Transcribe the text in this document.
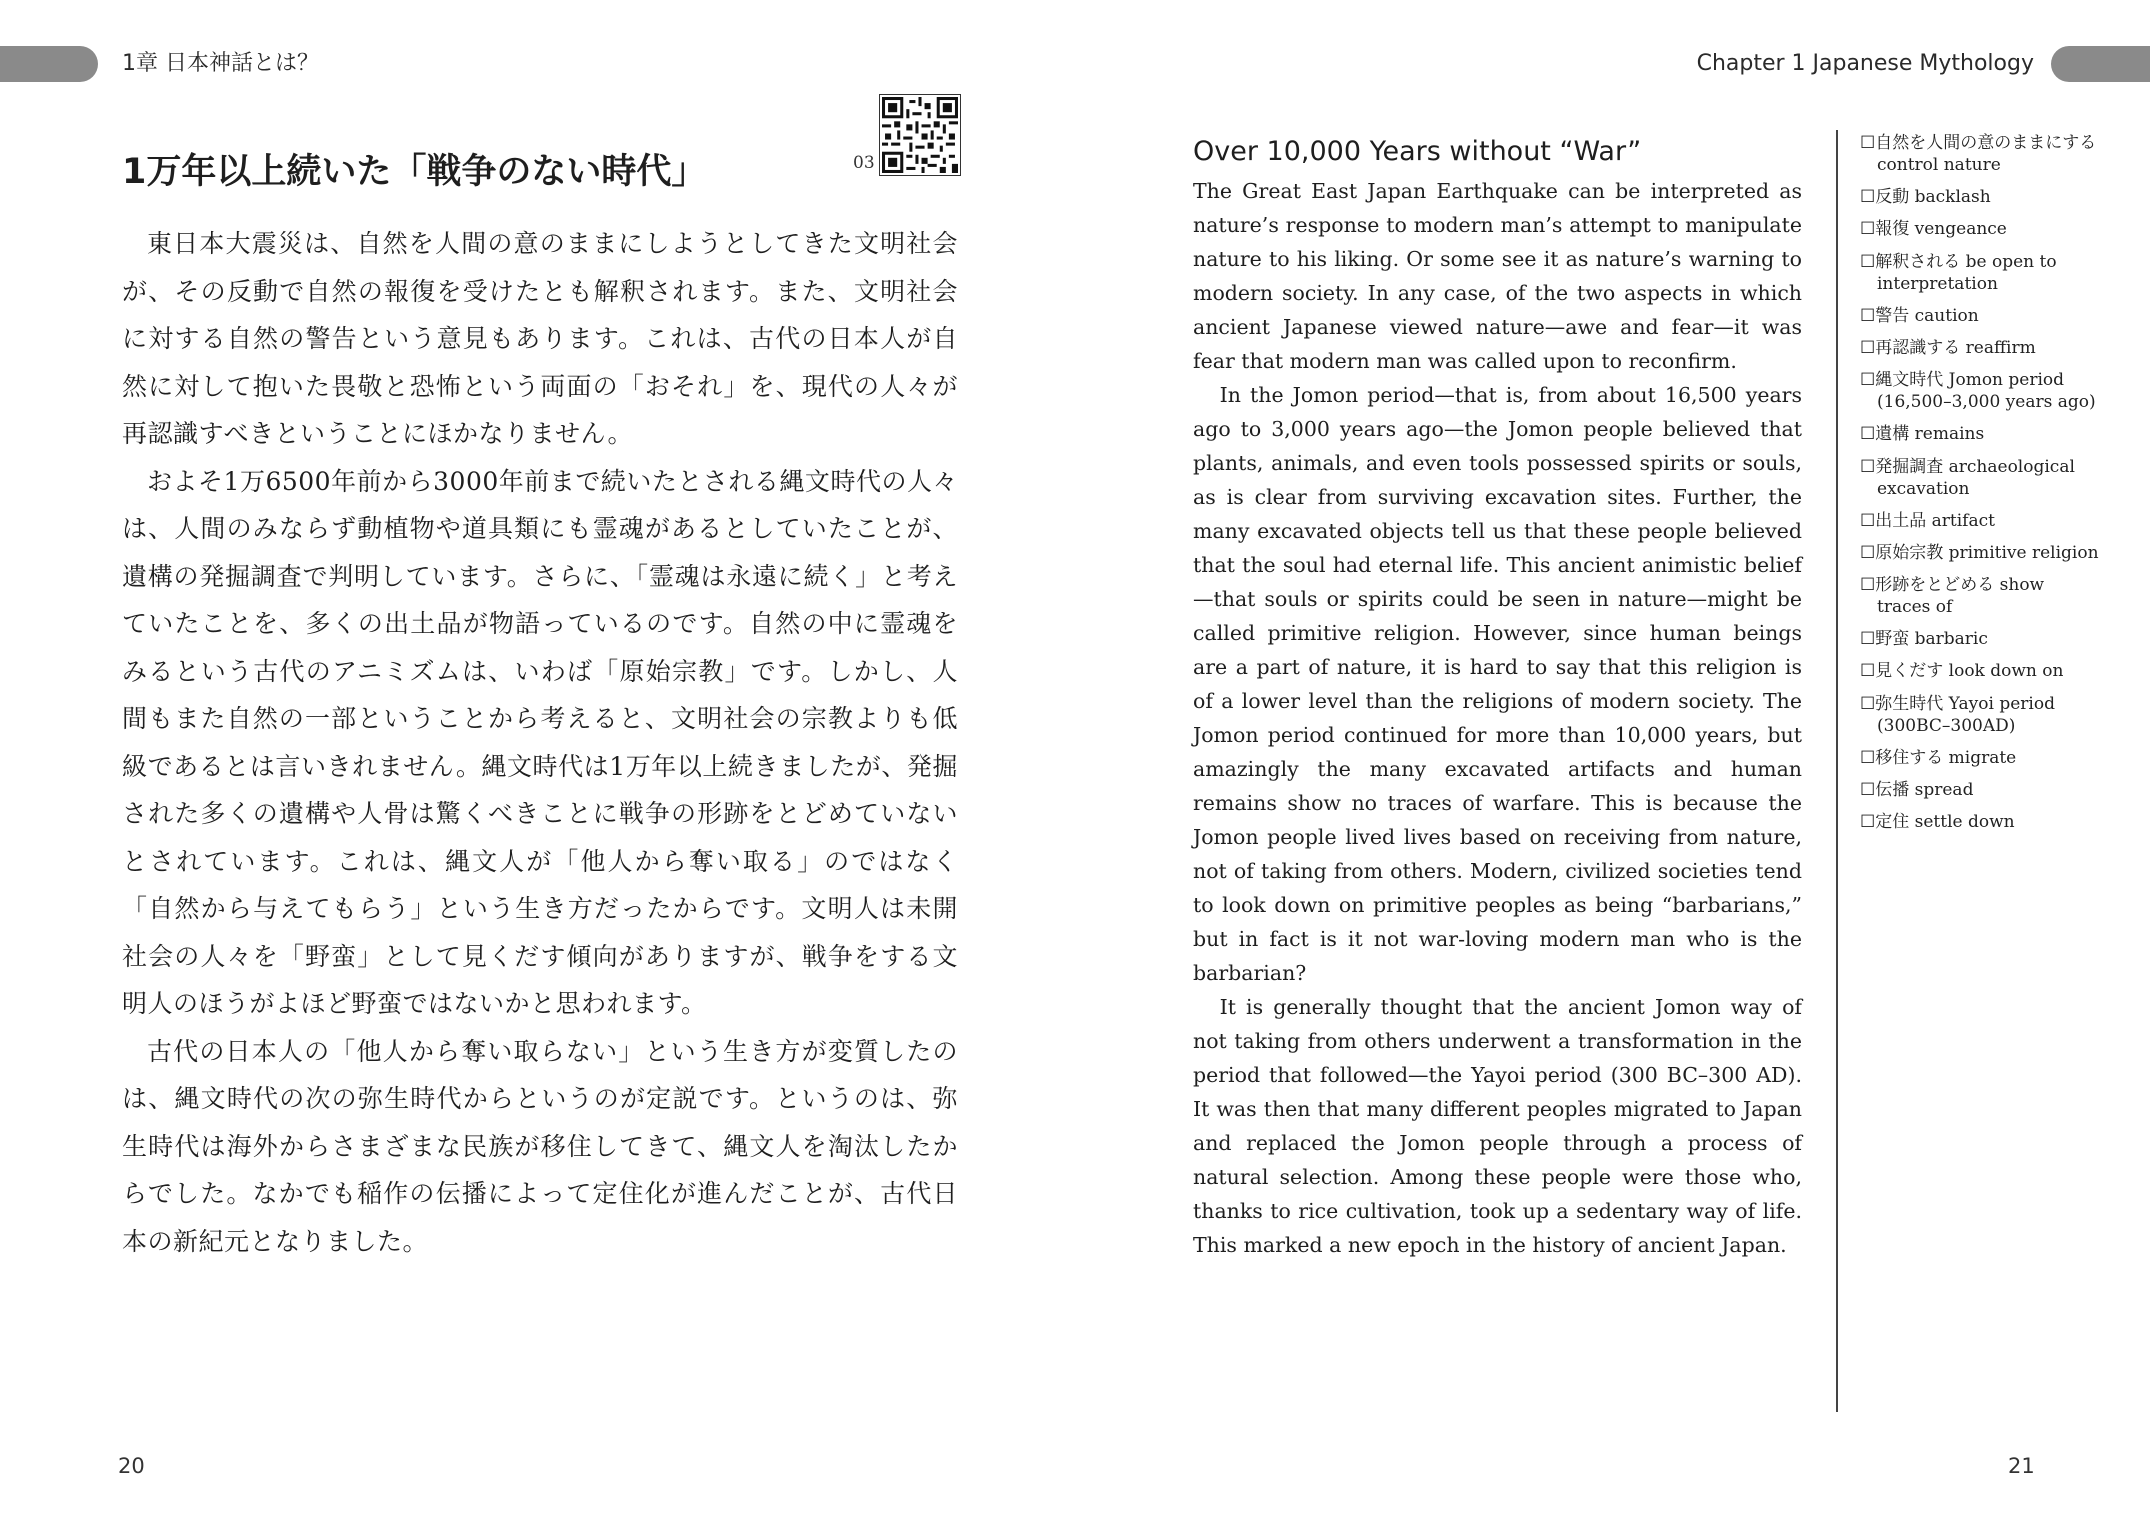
1章 日本神話とは？	Chapter 1 Japanese Mythology
03
1万年以上続いた「戦争のない時代」

東日本大震災は、自然を人間の意のままにしようとしてきた文明社会が、その反動で自然の報復を受けたとも解釈されます。また、文明社会に対する自然の警告という意見もあります。これは、古代の日本人が自然に対して抱いた畏敬と恐怖という両面の「おそれ」を、現代の人々が再認識すべきということにほかなりません。

およそ1万6500年前から3000年前まで続いたとされる縄文時代の人々は、人間のみならず動植物や道具類にも霊魂があるとしていたことが、遺構の発掘調査で判明しています。さらに、「霊魂は永遠に続く」と考えていたことを、多くの出土品が物語っているのです。自然の中に霊魂をみるという古代のアニミズムは、いわば「原始宗教」です。しかし、人間もまた自然の一部ということから考えると、文明社会の宗教よりも低級であるとは言いきれません。縄文時代は1万年以上続きましたが、発掘された多くの遺構や人骨は驚くべきことに戦争の形跡をとどめていないとされています。これは、縄文人が「他人から奪い取る」のではなく「自然から与えてもらう」という生き方だったからです。文明人は未開社会の人々を「野蛮」として見くだす傾向がありますが、戦争をする文明人のほうがよほど野蛮ではないかと思われます。

古代の日本人の「他人から奪い取らない」という生き方が変質したのは、縄文時代の次の弥生時代からというのが定説です。というのは、弥生時代は海外からさまざまな民族が移住してきて、縄文人を淘汰したからでした。なかでも稲作の伝播によって定住化が進んだことが、古代日本の新紀元となりました。

Over 10,000 Years without “War”

The Great East Japan Earthquake can be interpreted as nature’s response to modern man’s attempt to manipulate nature to his liking. Or some see it as nature’s warning to modern society. In any case, of the two aspects in which ancient Japanese viewed nature—awe and fear—it was fear that modern man was called upon to reconfirm.

In the Jomon period—that is, from about 16,500 years ago to 3,000 years ago—the Jomon people believed that plants, animals, and even tools possessed spirits or souls, as is clear from surviving excavation sites. Further, the many excavated objects tell us that these people believed that the soul had eternal life. This ancient animistic belief—that souls or spirits could be seen in nature—might be called primitive religion. However, since human beings are a part of nature, it is hard to say that this religion is of a lower level than the religions of modern society. The Jomon period continued for more than 10,000 years, but amazingly the many excavated artifacts and human remains show no traces of warfare. This is because the Jomon people lived lives based on receiving from nature, not of taking from others. Modern, civilized societies tend to look down on primitive peoples as being “barbarians,” but in fact is it not war-loving modern man who is the barbarian?

It is generally thought that the ancient Jomon way of not taking from others underwent a transformation in the period that followed—the Yayoi period (300 BC–300 AD). It was then that many different peoples migrated to Japan and replaced the Jomon people through a process of natural selection. Among these people were those who, thanks to rice cultivation, took up a sedentary way of life. This marked a new epoch in the history of ancient Japan.

☐自然を人間の意のままにする control nature
☐反動 backlash
☐報復 vengeance
☐解釈される be open to interpretation
☐警告 caution
☐再認識する reaffirm
☐縄文時代 Jomon period (16,500–3,000 years ago)
☐遺構 remains
☐発掘調査 archaeological excavation
☐出土品 artifact
☐原始宗教 primitive religion
☐形跡をとどめる show traces of
☐野蛮 barbaric
☐見くだす look down on
☐弥生時代 Yayoi period (300BC–300AD)
☐移住する migrate
☐伝播 spread
☐定住 settle down
20	21
